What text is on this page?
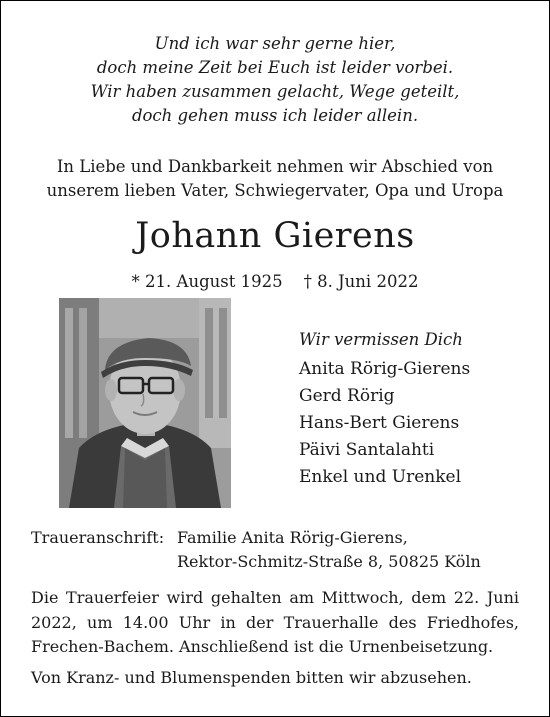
Und ich war sehr gerne hier,
doch meine Zeit bei Euch ist leider vorbei.
Wir haben zusammen gelacht, Wege geteilt,
doch gehen muss ich leider allein.
In Liebe und Dankbarkeit nehmen wir Abschied von
unserem lieben Vater, Schwiegervater, Opa und Uropa
Johann Gierens
* 21. August 1925    † 8. Juni 2022
Wir vermissen Dich
Anita Rörig-Gierens
Gerd Rörig
Hans-Bert Gierens
Päivi Santalahti
Enkel und Urenkel
Traueranschrift: Familie Anita Rörig-Gierens,
Rektor-Schmitz-Straße 8, 50825 Köln
Die Trauerfeier wird gehalten am Mittwoch, dem 22. Juni 2022, um 14.00 Uhr in der Trauerhalle des Friedhofes, Frechen-Bachem. Anschließend ist die Urnenbeisetzung.
Von Kranz- und Blumenspenden bitten wir abzusehen.
